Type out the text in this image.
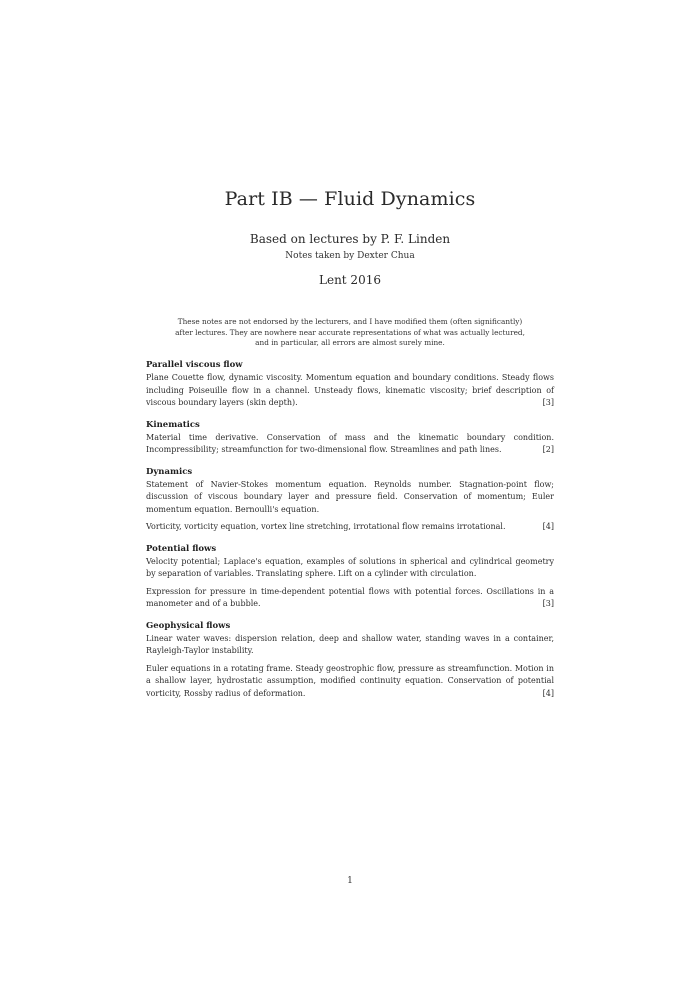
Part IB — Fluid Dynamics
Based on lectures by P. F. Linden
Notes taken by Dexter Chua
Lent 2016
These notes are not endorsed by the lecturers, and I have modified them (often significantly) after lectures. They are nowhere near accurate representations of what was actually lectured, and in particular, all errors are almost surely mine.
Parallel viscous flow
Plane Couette flow, dynamic viscosity. Momentum equation and boundary conditions. Steady flows including Poiseuille flow in a channel. Unsteady flows, kinematic viscosity; brief description of viscous boundary layers (skin depth).	[3]
Kinematics
Material time derivative. Conservation of mass and the kinematic boundary condition. Incompressibility; streamfunction for two-dimensional flow. Streamlines and path lines.	[2]
Dynamics
Statement of Navier-Stokes momentum equation. Reynolds number. Stagnation-point flow; discussion of viscous boundary layer and pressure field. Conservation of momentum; Euler momentum equation. Bernoulli's equation.
Vorticity, vorticity equation, vortex line stretching, irrotational flow remains irrotational.	[4]
Potential flows
Velocity potential; Laplace's equation, examples of solutions in spherical and cylindrical geometry by separation of variables. Translating sphere. Lift on a cylinder with circulation.
Expression for pressure in time-dependent potential flows with potential forces. Oscillations in a manometer and of a bubble.	[3]
Geophysical flows
Linear water waves: dispersion relation, deep and shallow water, standing waves in a container, Rayleigh-Taylor instability.
Euler equations in a rotating frame. Steady geostrophic flow, pressure as streamfunction. Motion in a shallow layer, hydrostatic assumption, modified continuity equation. Conservation of potential vorticity, Rossby radius of deformation.	[4]
1
